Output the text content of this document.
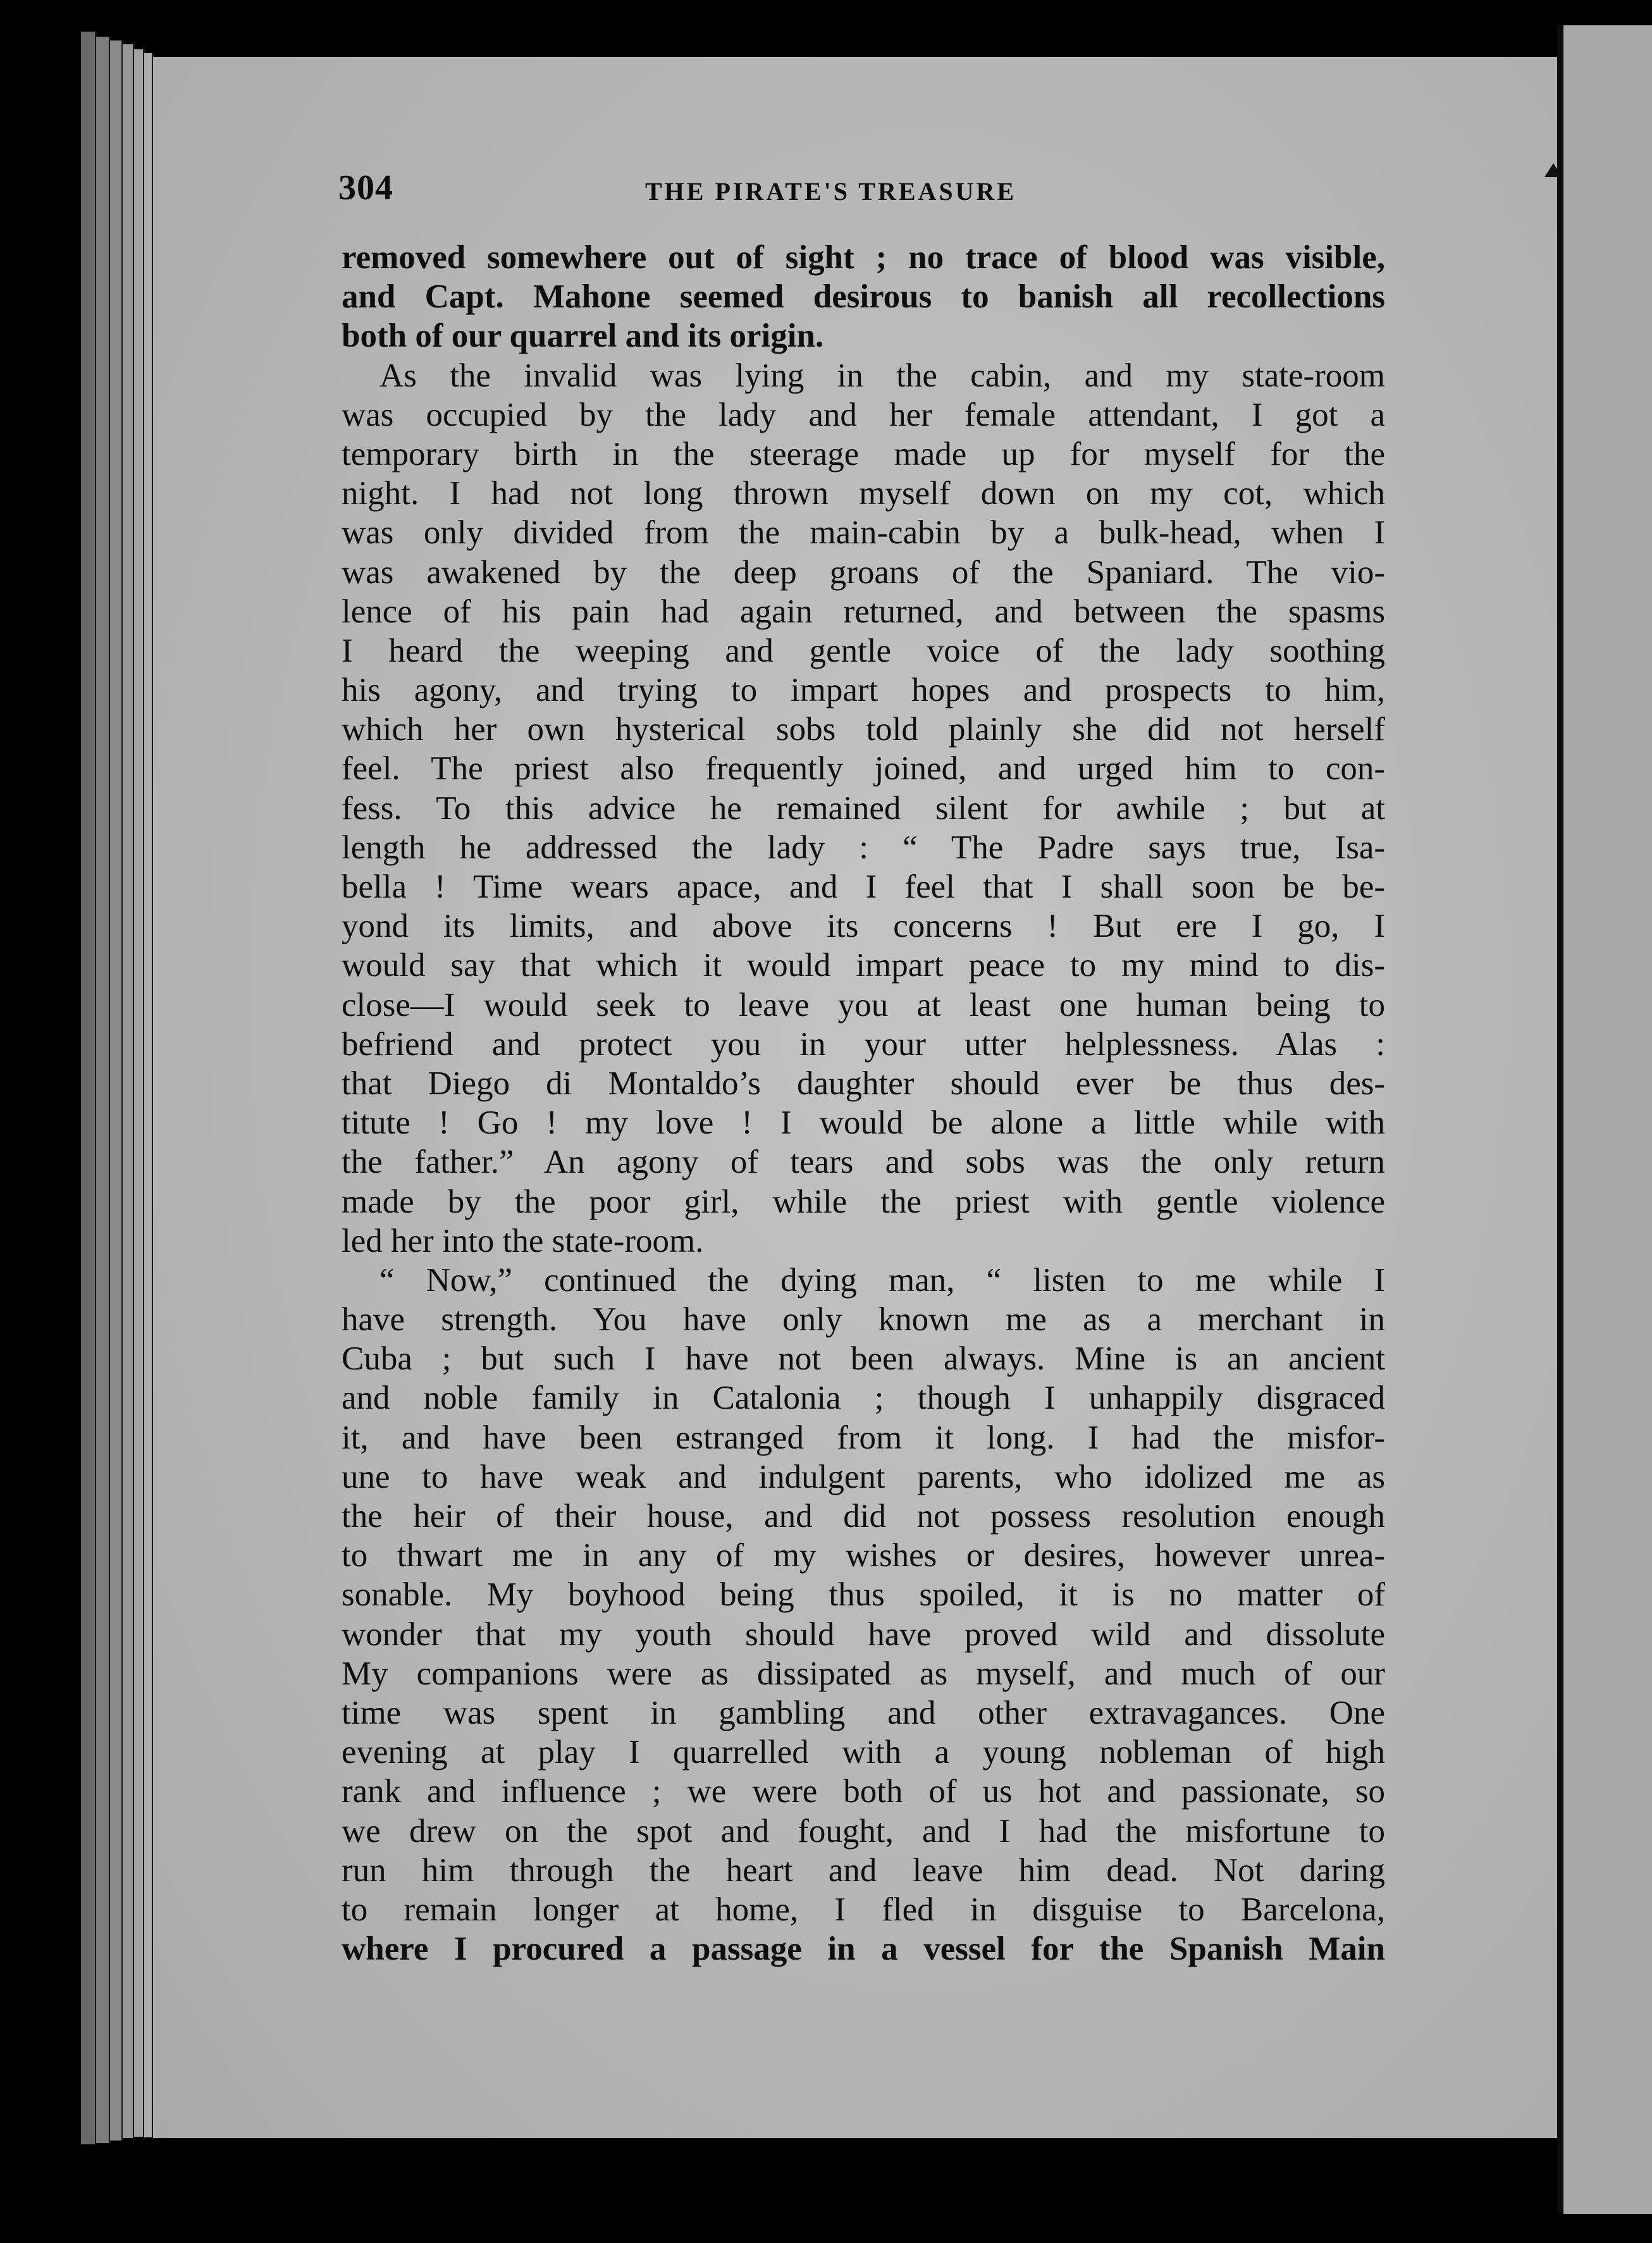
304	THE PIRATE'S TREASURE
removed somewhere out of sight ; no trace of blood was visible,
and Capt. Mahone seemed desirous to banish all recollections
both of our quarrel and its origin.
As the invalid was lying in the cabin, and my state-room
was occupied by the lady and her female attendant, I got a
temporary birth in the steerage made up for myself for the
night. I had not long thrown myself down on my cot, which
was only divided from the main-cabin by a bulk-head, when I
was awakened by the deep groans of the Spaniard. The vio-
lence of his pain had again returned, and between the spasms
I heard the weeping and gentle voice of the lady soothing
his agony, and trying to impart hopes and prospects to him,
which her own hysterical sobs told plainly she did not herself
feel. The priest also frequently joined, and urged him to con-
fess. To this advice he remained silent for awhile ; but at
length he addressed the lady : “ The Padre says true, Isa-
bella ! Time wears apace, and I feel that I shall soon be be-
yond its limits, and above its concerns ! But ere I go, I
would say that which it would impart peace to my mind to dis-
close—I would seek to leave you at least one human being to
befriend and protect you in your utter helplessness. Alas :
that Diego di Montaldo’s daughter should ever be thus des-
titute ! Go ! my love ! I would be alone a little while with
the father.” An agony of tears and sobs was the only return
made by the poor girl, while the priest with gentle violence
led her into the state-room.
“ Now,” continued the dying man, “ listen to me while I
have strength. You have only known me as a merchant in
Cuba ; but such I have not been always. Mine is an ancient
and noble family in Catalonia ; though I unhappily disgraced
it, and have been estranged from it long. I had the misfor-
une to have weak and indulgent parents, who idolized me as
the heir of their house, and did not possess resolution enough
to thwart me in any of my wishes or desires, however unrea-
sonable. My boyhood being thus spoiled, it is no matter of
wonder that my youth should have proved wild and dissolute
My companions were as dissipated as myself, and much of our
time was spent in gambling and other extravagances. One
evening at play I quarrelled with a young nobleman of high
rank and influence ; we were both of us hot and passionate, so
we drew on the spot and fought, and I had the misfortune to
run him through the heart and leave him dead. Not daring
to remain longer at home, I fled in disguise to Barcelona,
where I procured a passage in a vessel for the Spanish Main
